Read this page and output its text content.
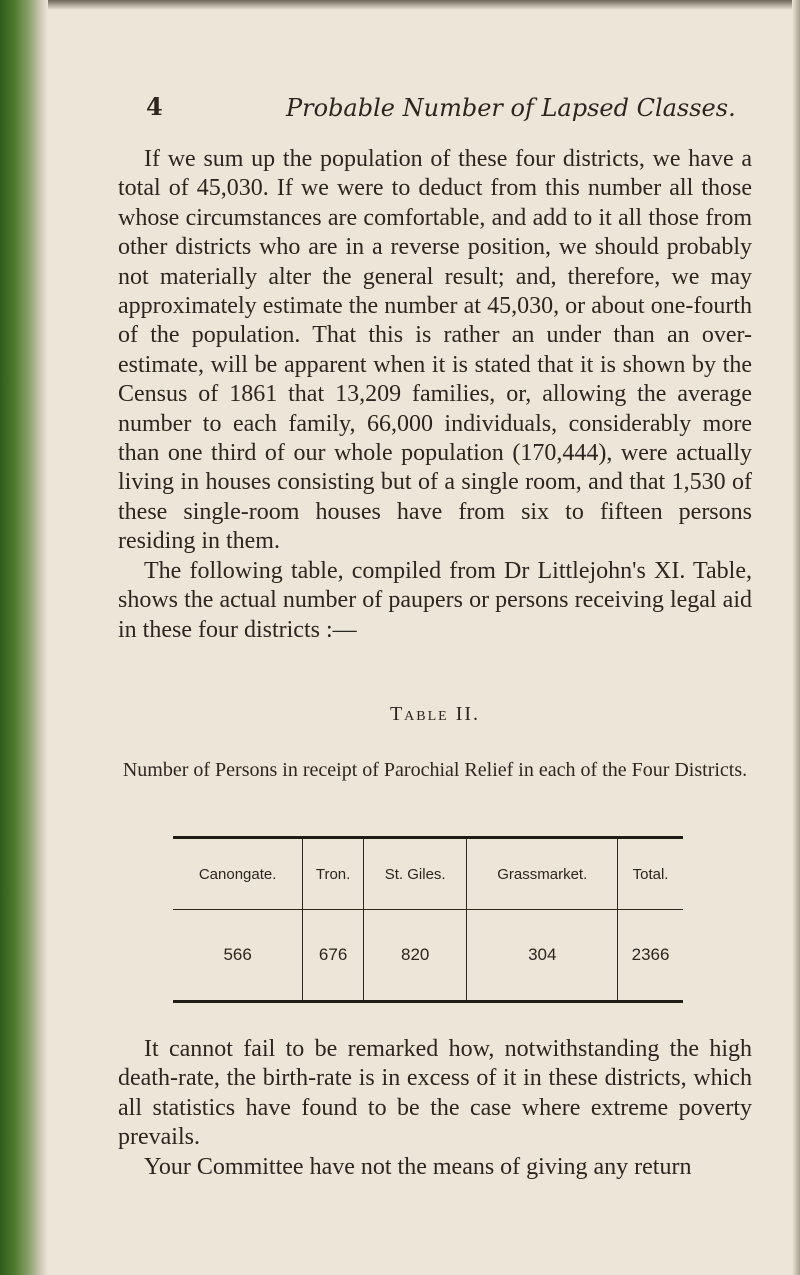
4	Probable Number of Lapsed Classes.

If we sum up the population of these four districts, we have a total of 45,030. If we were to deduct from this number all those whose circumstances are comfortable, and add to it all those from other districts who are in a reverse position, we should probably not materially alter the general result; and, therefore, we may approximately estimate the number at 45,030, or about one-fourth of the population. That this is rather an under than an over-estimate, will be apparent when it is stated that it is shown by the Census of 1861 that 13,209 families, or, allowing the average number to each family, 66,000 individuals, considerably more than one third of our whole population (170,444), were actually living in houses consisting but of a single room, and that 1,530 of these single-room houses have from six to fifteen persons residing in them.

The following table, compiled from Dr Littlejohn's XI. Table, shows the actual number of paupers or persons receiving legal aid in these four districts :—

Table II.
Number of Persons in receipt of Parochial Relief in each of the Four Districts.
Canongate.	Tron.	St. Giles.	Grassmarket.	Total.
566	676	820	304	2366

It cannot fail to be remarked how, notwithstanding the high death-rate, the birth-rate is in excess of it in these districts, which all statistics have found to be the case where extreme poverty prevails.

Your Committee have not the means of giving any return
